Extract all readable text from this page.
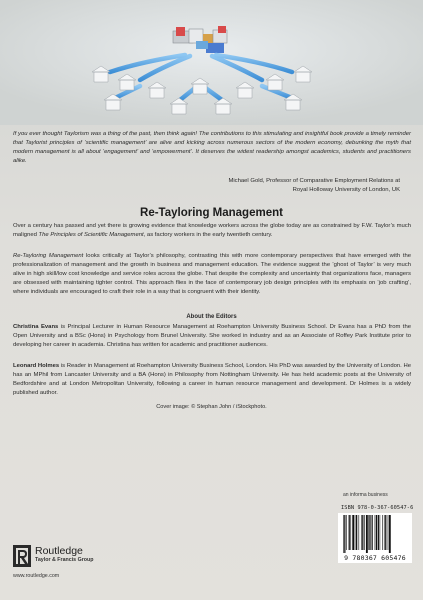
If you ever thought Taylorism was a thing of the past, then think again! The contributions to this stimulating and insightful book provide a timely reminder that Taylorist principles of ‘scientific management’ are alive and kicking across numerous sectors of the modern economy, debunking the myth that modern management is all about ‘engagement’ and ‘empowerment’. It deserves the widest readership amongst academics, students and practitioners alike.

Michael Gold, Professor of Comparative Employment Relations at
Royal Holloway University of London, UK
Re-Tayloring Management

Over a century has passed and yet there is growing evidence that knowledge workers across the globe today are as constrained by F.W. Taylor’s much maligned The Principles of Scientific Management, as factory workers in the early twentieth century.

Re-Tayloring Management looks critically at Taylor’s philosophy, contrasting this with more contemporary perspectives that have emerged with the professionalization of management and the growth in business and management education. The evidence suggest the ‘ghost of Taylor’ is very much alive in high skill/low cost knowledge and service roles across the globe. That despite the complexity and uncertainty that organizations face, managers are obsessed with maintaining tighter control. This approach flies in the face of contemporary job design principles with its emphasis on ‘job crafting’, where individuals are encouraged to craft their role in a way that is congruent with their identity.

About the Editors

Christina Evans is Principal Lecturer in Human Resource Management at Roehampton University Business School. Dr Evans has a PhD from the Open University and a BSc (Hons) in Psychology from Brunel University. She worked in industry and as an Associate of Roffey Park Institute prior to developing her career in academia. Christina has written for academic and practitioner audiences.

Leonard Holmes is Reader in Management at Roehampton University Business School, London. His PhD was awarded by the University of London. He has an MPhil from Lancaster University and a BA (Hons) in Philosophy from Nottingham University. He has held academic posts at the University of Bedfordshire and at London Metropolitan University, following a career in human resource management and development. Dr Holmes is a widely published author.

Cover image: © Stephan John / iStockphoto.

Routledge
Taylor & Francis Group
www.routledge.com
an informa business
ISBN 978-0-367-60547-6
9 780367 605476
